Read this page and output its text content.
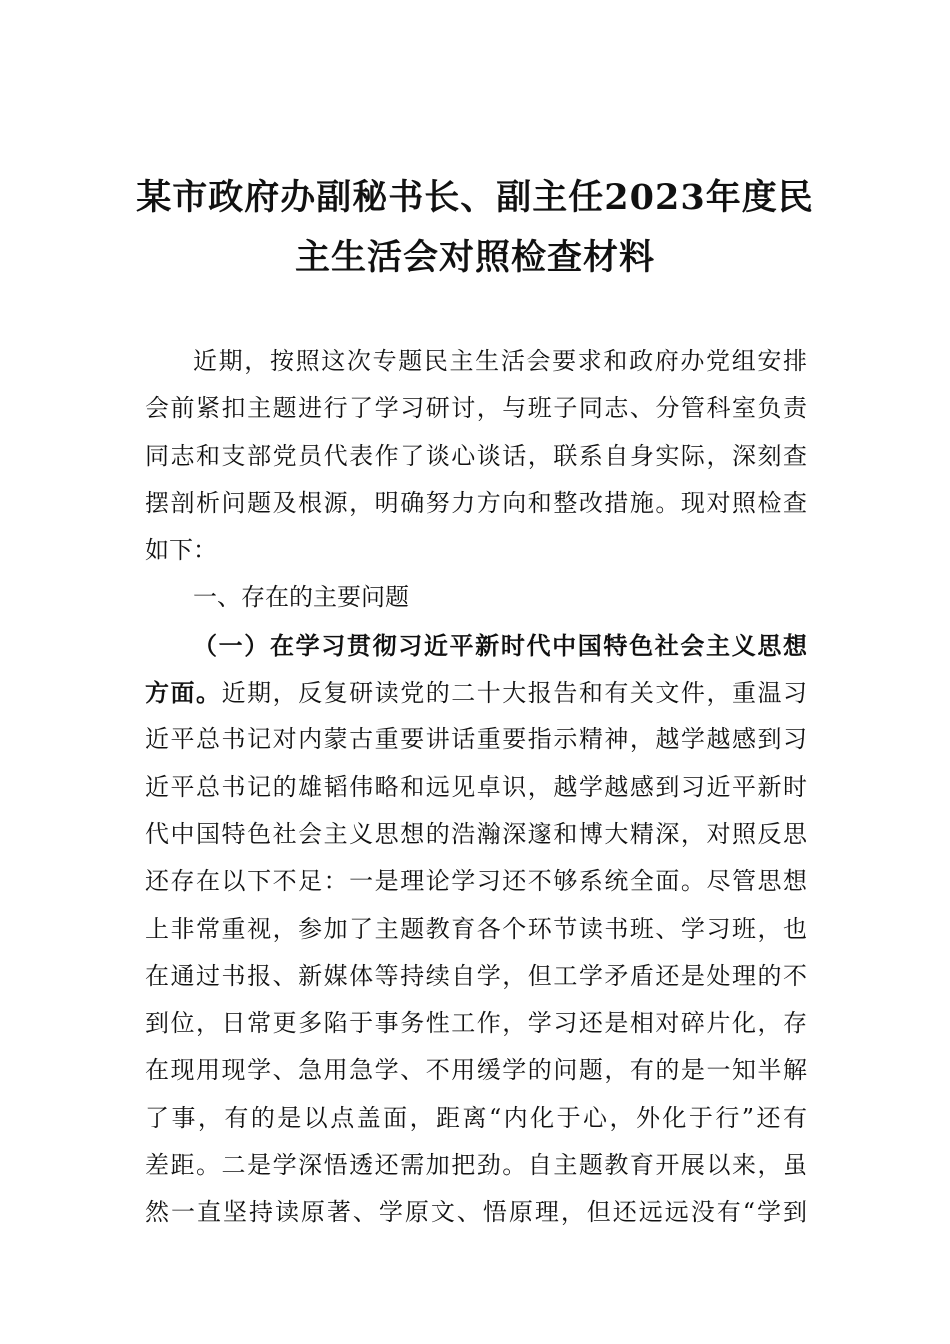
某市政府办副秘书长、副主任2023年度民
主生活会对照检查材料
近期，按照这次专题民主生活会要求和政府办党组安排
会前紧扣主题进行了学习研讨，与班子同志、分管科室负责
同志和支部党员代表作了谈心谈话，联系自身实际，深刻查
摆剖析问题及根源，明确努力方向和整改措施。现对照检查
如下：
一、存在的主要问题
（一）在学习贯彻习近平新时代中国特色社会主义思想
方面。近期，反复研读党的二十大报告和有关文件，重温习
近平总书记对内蒙古重要讲话重要指示精神，越学越感到习
近平总书记的雄韬伟略和远见卓识，越学越感到习近平新时
代中国特色社会主义思想的浩瀚深邃和博大精深，对照反思
还存在以下不足：一是理论学习还不够系统全面。尽管思想
上非常重视，参加了主题教育各个环节读书班、学习班，也
在通过书报、新媒体等持续自学，但工学矛盾还是处理的不
到位，日常更多陷于事务性工作，学习还是相对碎片化，存
在现用现学、急用急学、不用缓学的问题，有的是一知半解
了事，有的是以点盖面，距离“内化于心，外化于行”还有
差距。二是学深悟透还需加把劲。自主题教育开展以来，虽
然一直坚持读原著、学原文、悟原理，但还远远没有“学到
